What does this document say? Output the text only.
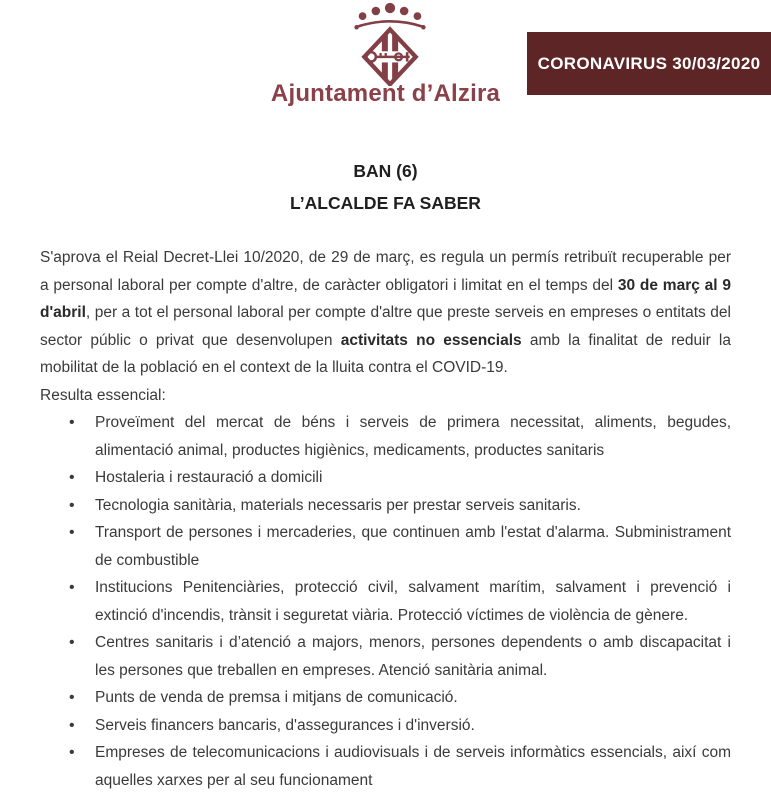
Ajuntament d’Alzira
CORONAVIRUS 30/03/2020
BAN (6)
L’ALCALDE FA SABER

S'aprova el Reial Decret-Llei 10/2020, de 29 de març, es regula un permís retribuït recuperable per a personal laboral per compte d'altre, de caràcter obligatori i limitat en el temps del 30 de març al 9 d'abril, per a tot el personal laboral per compte d'altre que preste serveis en empreses o entitats del sector públic o privat que desenvolupen activitats no essencials amb la finalitat de reduir la mobilitat de la població en el context de la lluita contra el COVID-19.

Resulta essencial:

• Proveïment del mercat de béns i serveis de primera necessitat, aliments, begudes, alimentació animal, productes higiènics, medicaments, productes sanitaris
• Hostaleria i restauració a domicili
• Tecnologia sanitària, materials necessaris per prestar serveis sanitaris.
• Transport de persones i mercaderies, que continuen amb l'estat d'alarma. Subministrament de combustible
• Institucions Penitenciàries, protecció civil, salvament marítim, salvament i prevenció i extinció d'incendis, trànsit i seguretat viària. Protecció víctimes de violència de gènere.
• Centres sanitaris i d’atenció a majors, menors, persones dependents o amb discapacitat i les persones que treballen en empreses. Atenció sanitària animal.
• Punts de venda de premsa i mitjans de comunicació.
• Serveis financers bancaris, d'assegurances i d'inversió.
• Empreses de telecomunicacions i audiovisuals i de serveis informàtics essencials, així com aquelles xarxes per al seu funcionament
